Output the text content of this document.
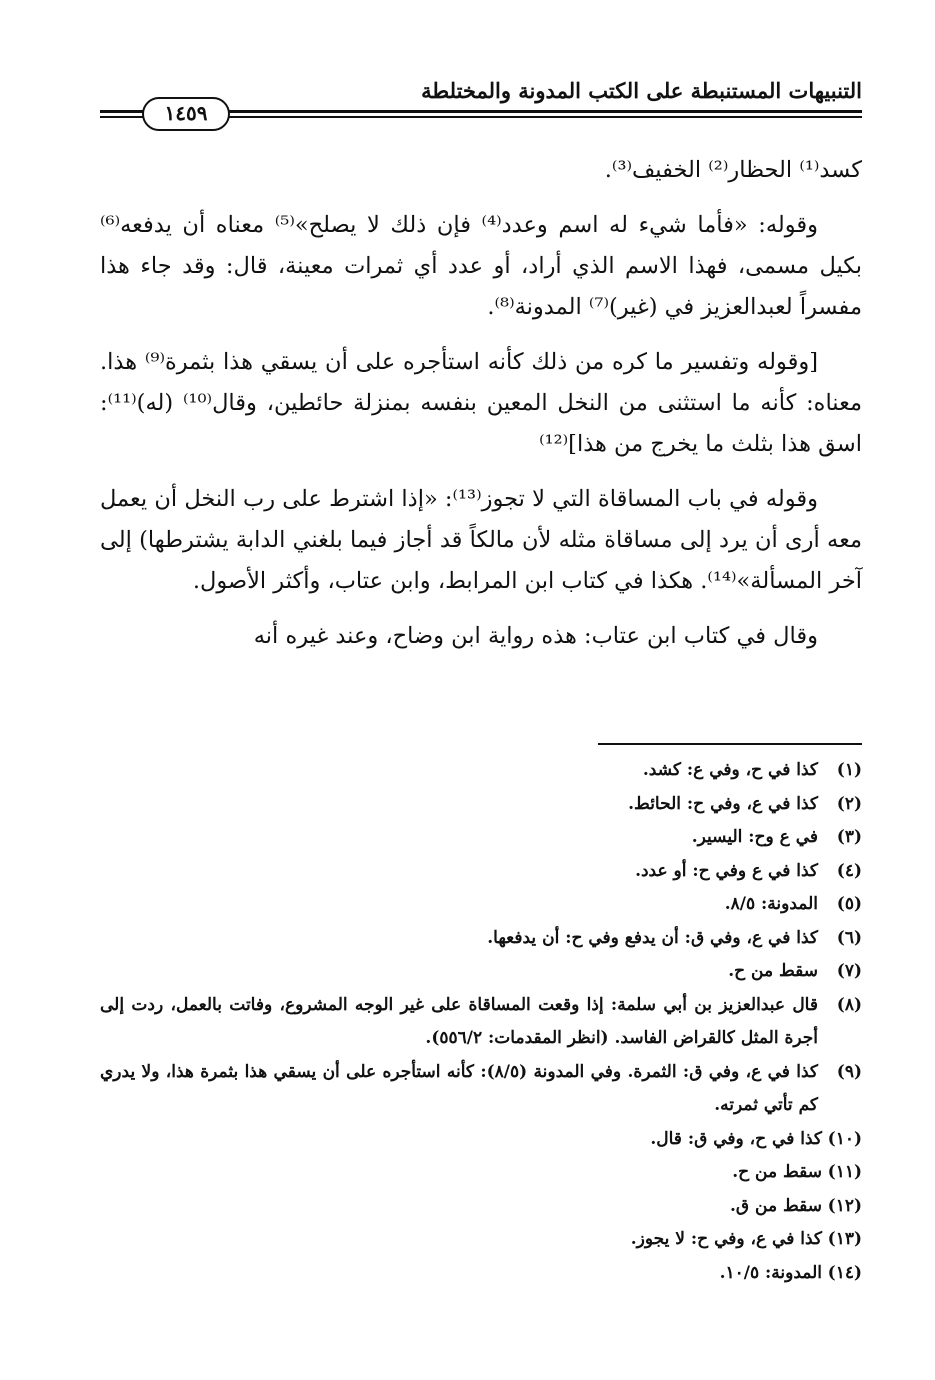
التنبيهات المستنبطة على الكتب المدونة والمختلطة
١٤٥٩

كسد⁽¹⁾ الحظار⁽²⁾ الخفيف⁽³⁾.

وقوله: «فأما شيء له اسم وعدد⁽⁴⁾ فإن ذلك لا يصلح»⁽⁵⁾ معناه أن يدفعه⁽⁶⁾ بكيل مسمى، فهذا الاسم الذي أراد، أو عدد أي ثمرات معينة، قال: وقد جاء هذا مفسراً لعبدالعزيز في (غير)⁽⁷⁾ المدونة⁽⁸⁾.

[وقوله وتفسير ما كره من ذلك كأنه استأجره على أن يسقي هذا بثمرة⁽⁹⁾ هذا. معناه: كأنه ما استثنى من النخل المعين بنفسه بمنزلة حائطين، وقال⁽¹⁰⁾ (له)⁽¹¹⁾: اسق هذا بثلث ما يخرج من هذا]⁽¹²⁾

وقوله في باب المساقاة التي لا تجوز⁽¹³⁾: «إذا اشترط على رب النخل أن يعمل معه أرى أن يرد إلى مساقاة مثله لأن مالكاً قد أجاز فيما بلغني الدابة يشترطها) إلى آخر المسألة»⁽¹⁴⁾. هكذا في كتاب ابن المرابط، وابن عتاب، وأكثر الأصول.

وقال في كتاب ابن عتاب: هذه رواية ابن وضاح، وعند غيره أنه

(١)
كذا في ح، وفي ع: كشد.
(٢)
كذا في ع، وفي ح: الحائط.
(٣)
في ع وح: اليسير.
(٤)
كذا في ع وفي ح: أو عدد.
(٥)
المدونة: ٨/٥.
(٦)
كذا في ع، وفي ق: أن يدفع وفي ح: أن يدفعها.
(٧)
سقط من ح.
(٨)
قال عبدالعزيز بن أبي سلمة: إذا وقعت المساقاة على غير الوجه المشروع، وفاتت بالعمل، ردت إلى أجرة المثل كالقراض الفاسد. (انظر المقدمات: ٥٥٦/٢).
(٩)
كذا في ع، وفي ق: الثمرة. وفي المدونة (٨/٥): كأنه استأجره على أن يسقي هذا بثمرة هذا، ولا يدري كم تأتي ثمرته.
(١٠)
كذا في ح، وفي ق: قال.
(١١)
سقط من ح.
(١٢)
سقط من ق.
(١٣)
كذا في ع، وفي ح: لا يجوز.
(١٤)
المدونة: ١٠/٥.
